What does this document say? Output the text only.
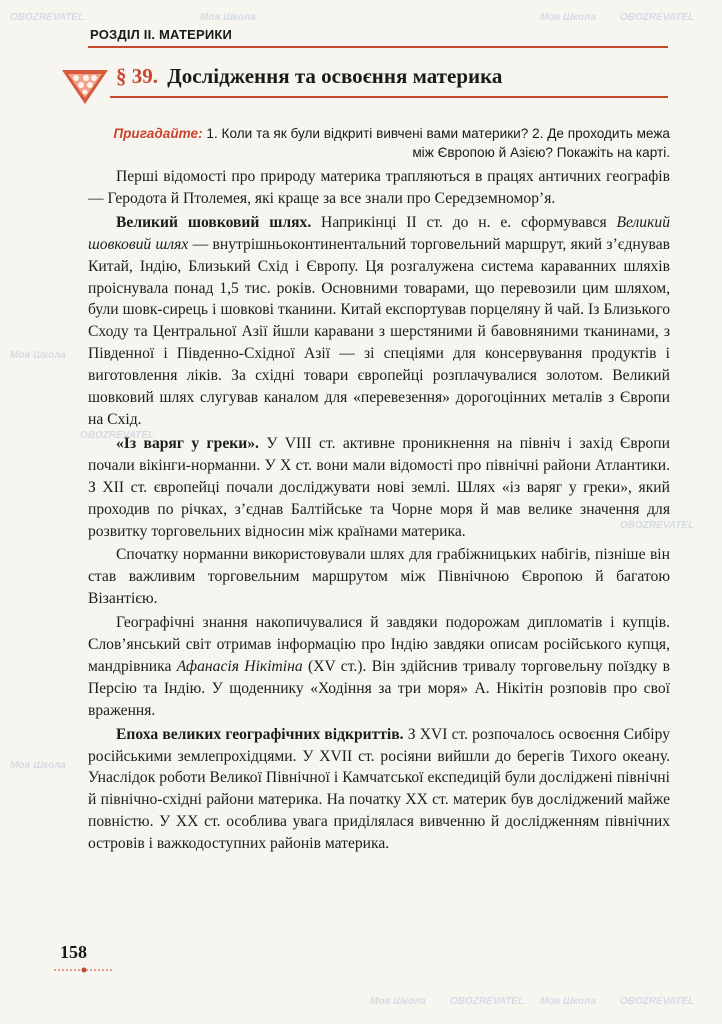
OBOZREVATEL	Моя Школа	Моя Школа OBOZREVATEL
Моя Школа
OBOZREVATEL
OBOZREVATEL
Моя Школа
Моя Школа OBOZREVATEL Моя Школа OBOZREVATEL
РОЗДІЛ ІІ. МАТЕРИКИ
§ 39. Дослідження та освоєння материка
Пригадайте: 1. Коли та як були відкриті вивчені вами материки? 2. Де проходить межа між Європою й Азією? Покажіть на карті.

Перші відомості про природу материка трапляються в працях античних географів — Геродота й Птолемея, які краще за все знали про Середземномор’я.

Великий шовковий шлях. Наприкінці ІІ ст. до н. е. сформувався Великий шовковий шлях — внутрішньоконтинентальний торговельний маршрут, який з’єднував Китай, Індію, Близький Схід і Європу. Ця розгалужена система караванних шляхів проіснувала понад 1,5 тис. років. Основними товарами, що перевозили цим шляхом, були шовк-сирець і шовкові тканини. Китай експортував порцеляну й чай. Із Близького Сходу та Центральної Азії йшли каравани з шерстяними й бавовняними тканинами, з Південної і Південно-Східної Азії — зі спеціями для консервування продуктів і виготовлення ліків. За східні товари європейці розплачувалися золотом. Великий шовковий шлях слугував каналом для «перевезення» дорогоцінних металів з Європи на Схід.

«Із варяг у греки». У VIII ст. активне проникнення на північ і захід Європи почали вікінги-норманни. У Х ст. вони мали відомості про північні райони Атлантики. З ХІІ ст. європейці почали досліджувати нові землі. Шлях «із варяг у греки», який проходив по річках, з’єднав Балтійське та Чорне моря й мав велике значення для розвитку торговельних відносин між країнами материка.

Спочатку норманни використовували шлях для грабіжницьких набігів, пізніше він став важливим торговельним маршрутом між Північною Європою й багатою Візантією.

Географічні знання накопичувалися й завдяки подорожам дипломатів і купців. Слов’янський світ отримав інформацію про Індію завдяки описам російського купця, мандрівника Афанасія Нікітіна (XV ст.). Він здійснив тривалу торговельну поїздку в Персію та Індію. У щоденнику «Ходіння за три моря» А. Нікітін розповів про свої враження.

Епоха великих географічних відкриттів. З XVI ст. розпочалось освоєння Сибіру російськими землепрохідцями. У XVII ст. росіяни вийшли до берегів Тихого океану. Унаслідок роботи Великої Північної і Камчатської експедицій були досліджені північні й північно-східні райони материка. На початку ХХ ст. материк був досліджений майже повністю. У ХХ ст. особлива увага приділялася вивченню й дослідженням північних островів і важкодоступних районів материка.

158
